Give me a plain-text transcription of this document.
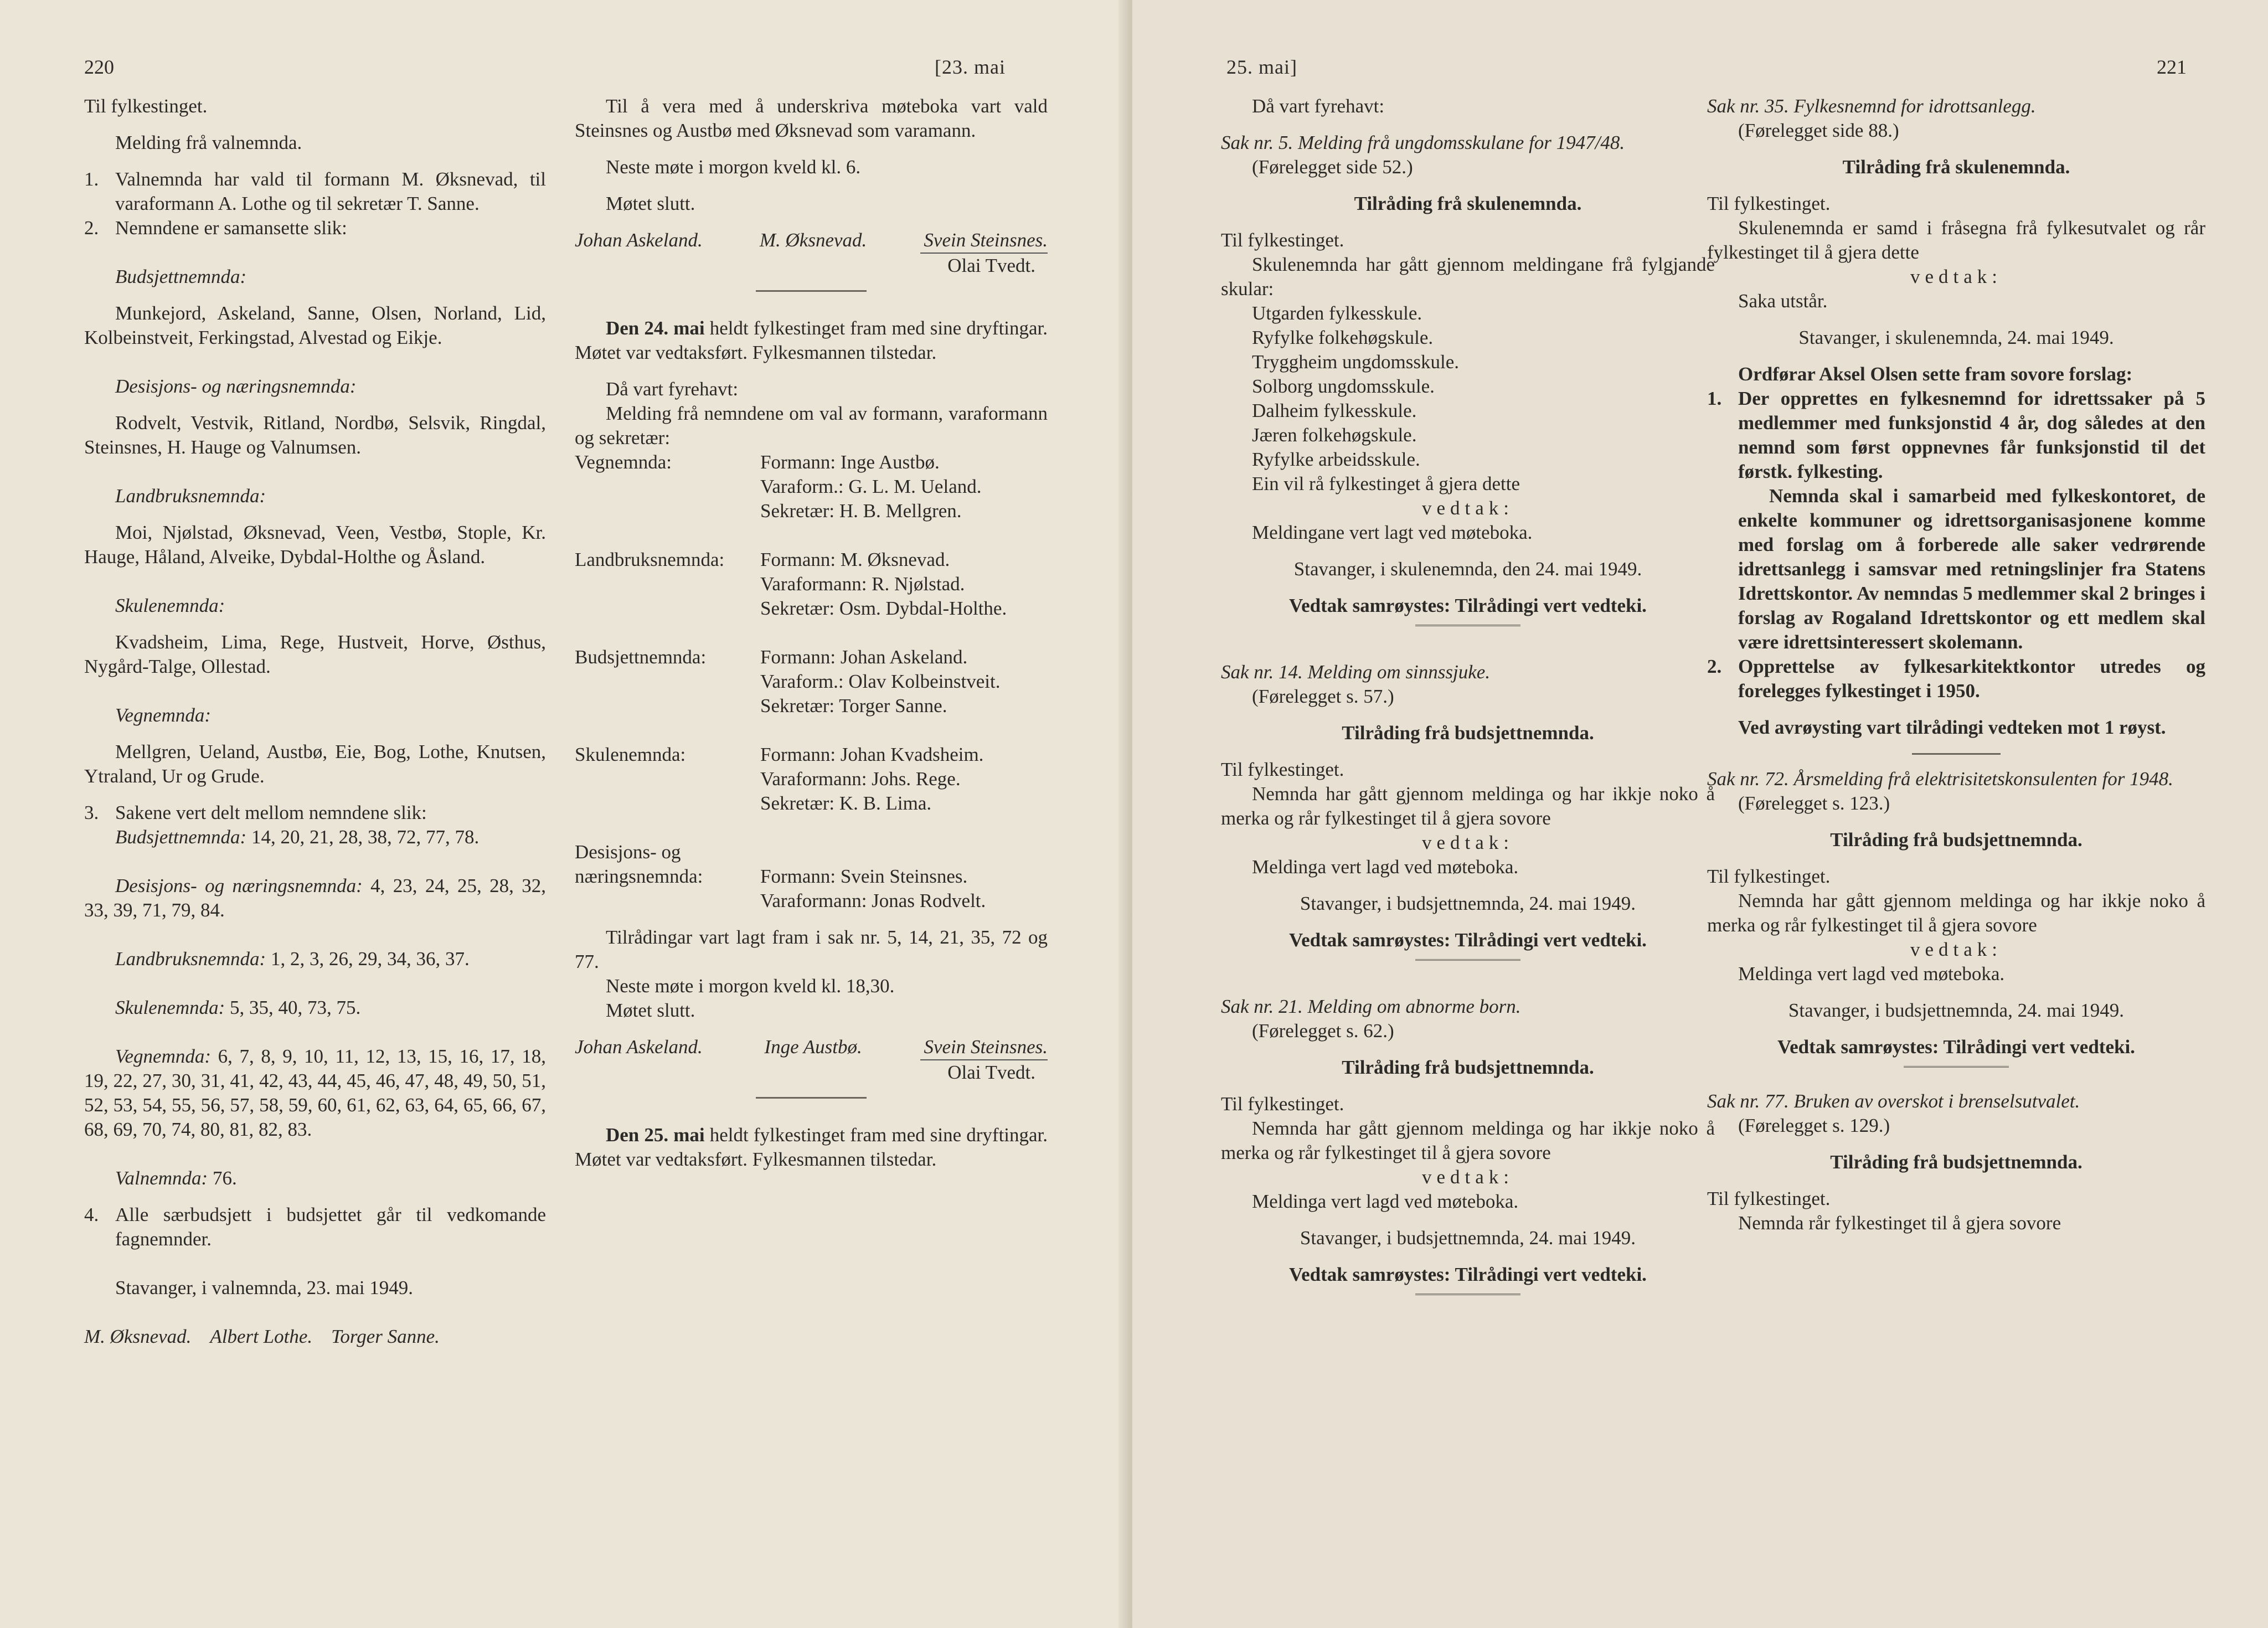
220	[23. mai

Til fylkestinget.

Melding frå valnemnda.

1. Valnemnda har vald til formann M. Øksnevad, til varaformann A. Lothe og til sekretær T. Sanne.
2. Nemndene er samansette slik:

Budsjettnemnda:

Munkejord, Askeland, Sanne, Olsen, Norland, Lid, Kolbeinstveit, Ferkingstad, Alvestad og Eikje.

Desisjons- og næringsnemnda:

Rodvelt, Vestvik, Ritland, Nordbø, Selsvik, Ringdal, Steinsnes, H. Hauge og Valnumsen.

Landbruksnemnda:

Moi, Njølstad, Øksnevad, Veen, Vestbø, Stople, Kr. Hauge, Håland, Alveike, Dybdal-Holthe og Åsland.

Skulenemnda:

Kvadsheim, Lima, Rege, Hustveit, Horve, Østhus, Nygård-Talge, Ollestad.

Vegnemnda:

Mellgren, Ueland, Austbø, Eie, Bog, Lothe, Knutsen, Ytraland, Ur og Grude.

3. Sakene vert delt mellom nemndene slik:

Budsjettnemnda: 14, 20, 21, 28, 38, 72, 77, 78.

Desisjons- og næringsnemnda: 4, 23, 24, 25, 28, 32, 33, 39, 71, 79, 84.

Landbruksnemnda: 1, 2, 3, 26, 29, 34, 36, 37.

Skulenemnda: 5, 35, 40, 73, 75.

Vegnemnda: 6, 7, 8, 9, 10, 11, 12, 13, 15, 16, 17, 18, 19, 22, 27, 30, 31, 41, 42, 43, 44, 45, 46, 47, 48, 49, 50, 51, 52, 53, 54, 55, 56, 57, 58, 59, 60, 61, 62, 63, 64, 65, 66, 67, 68, 69, 70, 74, 80, 81, 82, 83.

Valnemnda: 76.

4. Alle særbudsjett i budsjettet går til vedkomande fagnemnder.

Stavanger, i valnemnda, 23. mai 1949.

M. Øksnevad. Albert Lothe. Torger Sanne.

Til å vera med å underskriva møteboka vart vald Steinsnes og Austbø med Øksnevad som varamann.

Neste møte i morgon kveld kl. 6.

Møtet slutt.

Johan Askeland.	M. Øksnevad.	Svein Steinsnes.

Olai Tvedt.

Den 24. mai heldt fylkestinget fram med sine dryftingar. Møtet var vedtaksført. Fylkesmannen tilstedar.

Då vart fyrehavt:

Melding frå nemndene om val av formann, varaformann og sekretær:

Vegnemnda:	Formann: Inge Austbø.
Varaform.: G. L. M. Ueland.
Sekretær: H. B. Mellgren.
Landbruksnemnda:	Formann: M. Øksnevad.
Varaformann: R. Njølstad.
Sekretær: Osm. Dybdal-Holthe.
Budsjettnemnda:	Formann: Johan Askeland.
Varaform.: Olav Kolbeinstveit.
Sekretær: Torger Sanne.
Skulenemnda:	Formann: Johan Kvadsheim.
Varaformann: Johs. Rege.
Sekretær: K. B. Lima.
Desisjons- og
næringsnemnda:	Formann: Svein Steinsnes.
Varaformann: Jonas Rodvelt.

Tilrådingar vart lagt fram i sak nr. 5, 14, 21, 35, 72 og 77.

Neste møte i morgon kveld kl. 18,30.

Møtet slutt.

Johan Askeland.	Inge Austbø.	Svein Steinsnes.

Olai Tvedt.

Den 25. mai heldt fylkestinget fram med sine dryftingar. Møtet var vedtaksført. Fylkesmannen tilstedar.

25. mai]	221

Då vart fyrehavt:

Sak nr. 5. Melding frå ungdomsskulane for 1947/48.

(Førelegget side 52.)

Tilråding frå skulenemnda.

Til fylkestinget.

Skulenemnda har gått gjennom meldingane frå fylgjande skular:

Utgarden fylkesskule.

Ryfylke folkehøgskule.

Tryggheim ungdomsskule.

Solborg ungdomsskule.

Dalheim fylkesskule.

Jæren folkehøgskule.

Ryfylke arbeidsskule.

Ein vil rå fylkestinget å gjera dette

vedtak:

Meldingane vert lagt ved møteboka.

Stavanger, i skulenemnda, den 24. mai 1949.

Vedtak samrøystes: Tilrådingi vert vedteki.

Sak nr. 14. Melding om sinnssjuke.

(Førelegget s. 57.)

Tilråding frå budsjettnemnda.

Til fylkestinget.

Nemnda har gått gjennom meldinga og har ikkje noko å merka og rår fylkestinget til å gjera sovore

vedtak:

Meldinga vert lagd ved møteboka.

Stavanger, i budsjettnemnda, 24. mai 1949.

Vedtak samrøystes: Tilrådingi vert vedteki.

Sak nr. 21. Melding om abnorme born.

(Førelegget s. 62.)

Tilråding frå budsjettnemnda.

Til fylkestinget.

Nemnda har gått gjennom meldinga og har ikkje noko å merka og rår fylkestinget til å gjera sovore

vedtak:

Meldinga vert lagd ved møteboka.

Stavanger, i budsjettnemnda, 24. mai 1949.

Vedtak samrøystes: Tilrådingi vert vedteki.

Sak nr. 35. Fylkesnemnd for idrottsanlegg.

(Førelegget side 88.)

Tilråding frå skulenemnda.

Til fylkestinget.

Skulenemnda er samd i fråsegna frå fylkesutvalet og rår fylkestinget til å gjera dette

vedtak:

Saka utstår.

Stavanger, i skulenemnda, 24. mai 1949.

Ordførar Aksel Olsen sette fram sovore forslag:

1. Der opprettes en fylkesnemnd for idrettssaker på 5 medlemmer med funksjonstid 4 år, dog således at den nemnd som først oppnevnes får funksjonstid til det førstk. fylkesting.

Nemnda skal i samarbeid med fylkeskontoret, de enkelte kommuner og idrettsorganisasjonene komme med forslag om å forberede alle saker vedrørende idrettsanlegg i samsvar med retningslinjer fra Statens Idrettskontor. Av nemndas 5 medlemmer skal 2 bringes i forslag av Rogaland Idrettskontor og ett medlem skal være idrettsinteressert skolemann.

2. Opprettelse av fylkesarkitektkontor utredes og forelegges fylkestinget i 1950.

Ved avrøysting vart tilrådingi vedteken mot 1 røyst.

Sak nr. 72. Årsmelding frå elektrisitetskonsulenten for 1948.

(Førelegget s. 123.)

Tilråding frå budsjettnemnda.

Til fylkestinget.

Nemnda har gått gjennom meldinga og har ikkje noko å merka og rår fylkestinget til å gjera sovore

vedtak:

Meldinga vert lagd ved møteboka.

Stavanger, i budsjettnemnda, 24. mai 1949.

Vedtak samrøystes: Tilrådingi vert vedteki.

Sak nr. 77. Bruken av overskot i brenselsutvalet.

(Førelegget s. 129.)

Tilråding frå budsjettnemnda.

Til fylkestinget.

Nemnda rår fylkestinget til å gjera sovore
